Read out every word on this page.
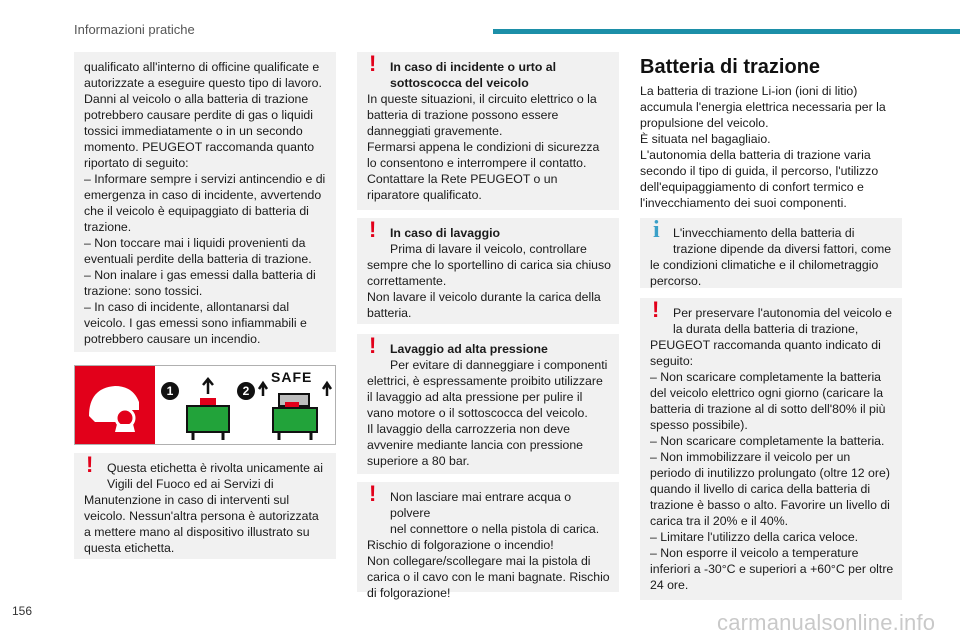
Informazioni pratiche

qualificato all'interno di officine qualificate e autorizzate a eseguire questo tipo di lavoro.
Danni al veicolo o alla batteria di trazione potrebbero causare perdite di gas o liquidi tossici immediatamente o in un secondo momento. PEUGEOT raccomanda quanto riportato di seguito:
– Informare sempre i servizi antincendio e di emergenza in caso di incidente, avvertendo che il veicolo è equipaggiato di batteria di trazione.
– Non toccare mai i liquidi provenienti da eventuali perdite della batteria di trazione.
– Non inalare i gas emessi dalla batteria di trazione: sono tossici.
– In caso di incidente, allontanarsi dal veicolo. I gas emessi sono infiammabili e potrebbero causare un incendio.

1	2
SAFE
!	Questa etichetta è rivolta unicamente ai

Vigili del Fuoco ed ai Servizi di

Manutenzione in caso di interventi sul veicolo. Nessun'altra persona è autorizzata a mettere mano al dispositivo illustrato su questa etichetta.

!	In caso di incidente o urto al

sottoscocca del veicolo

In queste situazioni, il circuito elettrico o la batteria di trazione possono essere danneggiati gravemente.
Fermarsi appena le condizioni di sicurezza lo consentono e interrompere il contatto. Contattare la Rete PEUGEOT o un riparatore qualificato.

!	In caso di lavaggio

Prima di lavare il veicolo, controllare

sempre che lo sportellino di carica sia chiuso correttamente.
Non lavare il veicolo durante la carica della batteria.

!	Lavaggio ad alta pressione

Per evitare di danneggiare i componenti

elettrici, è espressamente proibito utilizzare il lavaggio ad alta pressione per pulire il vano motore o il sottoscocca del veicolo.
Il lavaggio della carrozzeria non deve avvenire mediante lancia con pressione superiore a 80 bar.

!	Non lasciare mai entrare acqua o polvere

nel connettore o nella pistola di carica.

Rischio di folgorazione o incendio!
Non collegare/scollegare mai la pistola di carica o il cavo con le mani bagnate. Rischio di folgorazione!

Batteria di trazione
La batteria di trazione Li-ion (ioni di litio) accumula l'energia elettrica necessaria per la propulsione del veicolo.
È situata nel bagagliaio.
L'autonomia della batteria di trazione varia secondo il tipo di guida, il percorso, l'utilizzo dell'equipaggiamento di confort termico e l'invecchiamento dei suoi componenti.
i	L'invecchiamento della batteria di

trazione dipende da diversi fattori, come

le condizioni climatiche e il chilometraggio percorso.

!	Per preservare l'autonomia del veicolo e

la durata della batteria di trazione,

PEUGEOT raccomanda quanto indicato di seguito:
– Non scaricare completamente la batteria del veicolo elettrico ogni giorno (caricare la batteria di trazione al di sotto dell'80% il più spesso possibile).
– Non scaricare completamente la batteria.
– Non immobilizzare il veicolo per un periodo di inutilizzo prolungato (oltre 12 ore) quando il livello di carica della batteria di trazione è basso o alto. Favorire un livello di carica tra il 20% e il 40%.
– Limitare l'utilizzo della carica veloce.
– Non esporre il veicolo a temperature inferiori a -30°C e superiori a +60°C per oltre 24 ore.

156	carmanualsonline.info
